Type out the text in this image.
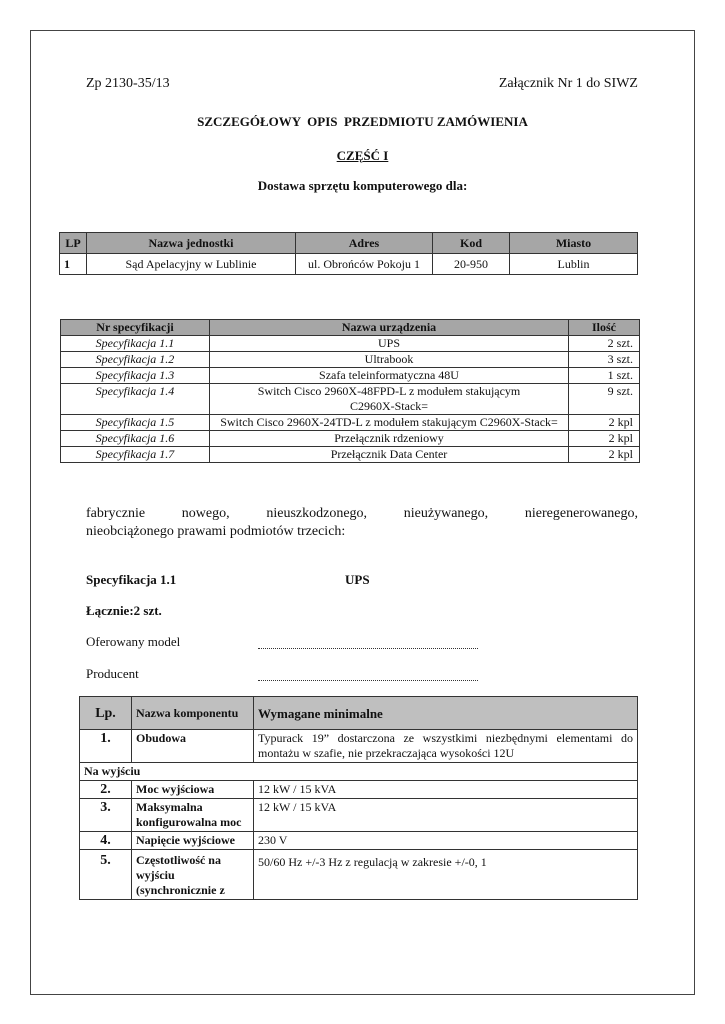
Zp 2130-35/13	Załącznik Nr 1 do SIWZ
SZCZEGÓŁOWY  OPIS  PRZEDMIOTU ZAMÓWIENIA
CZĘŚĆ I
Dostawa sprzętu komputerowego dla:
LP	Nazwa jednostki	Adres	Kod	Miasto
1	Sąd Apelacyjny w Lublinie	ul. Obrońców Pokoju 1	20-950	Lublin
Nr specyfikacji	Nazwa urządzenia	Ilość
Specyfikacja 1.1	UPS	2 szt.
Specyfikacja 1.2	Ultrabook	3 szt.
Specyfikacja 1.3	Szafa teleinformatyczna 48U	1 szt.
Specyfikacja 1.4	Switch Cisco 2960X-48FPD-L z modułem stakującym C2960X-Stack=	9 szt.
Specyfikacja 1.5	Switch Cisco 2960X-24TD-L z modułem stakującym C2960X-Stack=	2 kpl
Specyfikacja 1.6	Przełącznik rdzeniowy	2 kpl
Specyfikacja 1.7	Przełącznik Data Center	2 kpl
fabrycznie nowego, nieuszkodzonego, nieużywanego, nieregenerowanego,
nieobciążonego prawami podmiotów trzecich:
Specyfikacja 1.1	UPS
Łącznie:2 szt.
Oferowany model
Producent
Lp.	Nazwa komponentu	Wymagane minimalne
1.	Obudowa	Typurack 19” dostarczona ze wszystkimi niezbędnymi elementami do montażu w szafie, nie przekraczająca wysokości 12U
Na wyjściu		
2.	Moc wyjściowa	12 kW / 15 kVA
3.	Maksymalna konfigurowalna moc	12 kW / 15 kVA
4.	Napięcie wyjściowe	230 V
5.	Częstotliwość na wyjściu (synchronicznie z	50/60 Hz +/-3 Hz z regulacją w zakresie +/-0, 1
